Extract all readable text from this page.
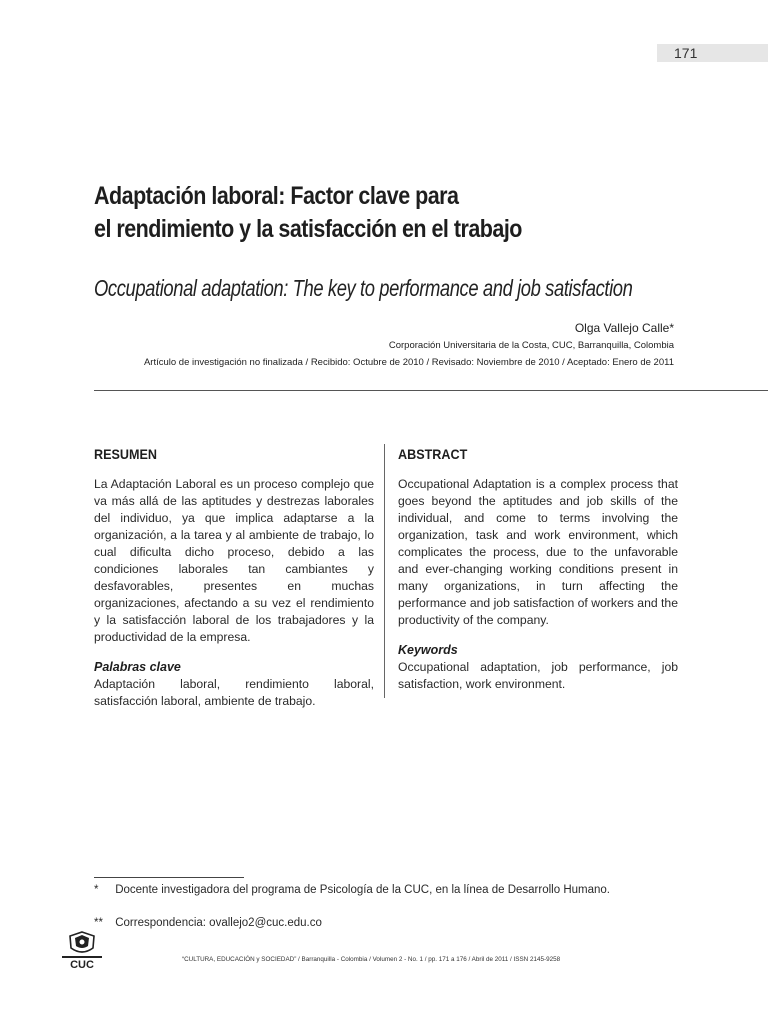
171
Adaptación laboral: Factor clave para
el rendimiento y la satisfacción en el trabajo
Occupational adaptation: The key to performance and job satisfaction
Olga Vallejo Calle*
Corporación Universitaria de la Costa, CUC, Barranquilla, Colombia
Artículo de investigación no finalizada / Recibido: Octubre de 2010 / Revisado: Noviembre de 2010 / Aceptado: Enero de 2011
RESUMEN

La Adaptación Laboral es un proceso complejo que va más allá de las aptitudes y destrezas laborales del individuo, ya que implica adaptarse a la organización, a la tarea y al ambiente de trabajo, lo cual dificulta dicho proceso, debido a las condiciones laborales tan cambiantes y desfavorables, presentes en muchas organizaciones, afectando a su vez el rendimiento y la satisfacción laboral de los trabajadores y la productividad de la empresa.

Palabras clave

Adaptación laboral, rendimiento laboral, satisfacción laboral, ambiente de trabajo.

ABSTRACT

Occupational Adaptation is a complex process that goes beyond the aptitudes and job skills of the individual, and come to terms involving the organization, task and work environment, which complicates the process, due to the unfavorable and ever-changing working conditions present in many organizations, in turn affecting the performance and job satisfaction of workers and the productivity of the company.

Keywords

Occupational adaptation, job performance, job satisfaction, work environment.

* Docente investigadora del programa de Psicología de la CUC, en la línea de Desarrollo Humano.
** Correspondencia: ovallejo2@cuc.edu.co
CUC	“CULTURA, EDUCACIÓN y SOCIEDAD” / Barranquilla - Colombia / Volumen 2 - No. 1 / pp. 171 a 176 / Abril de 2011 / ISSN 2145-9258
